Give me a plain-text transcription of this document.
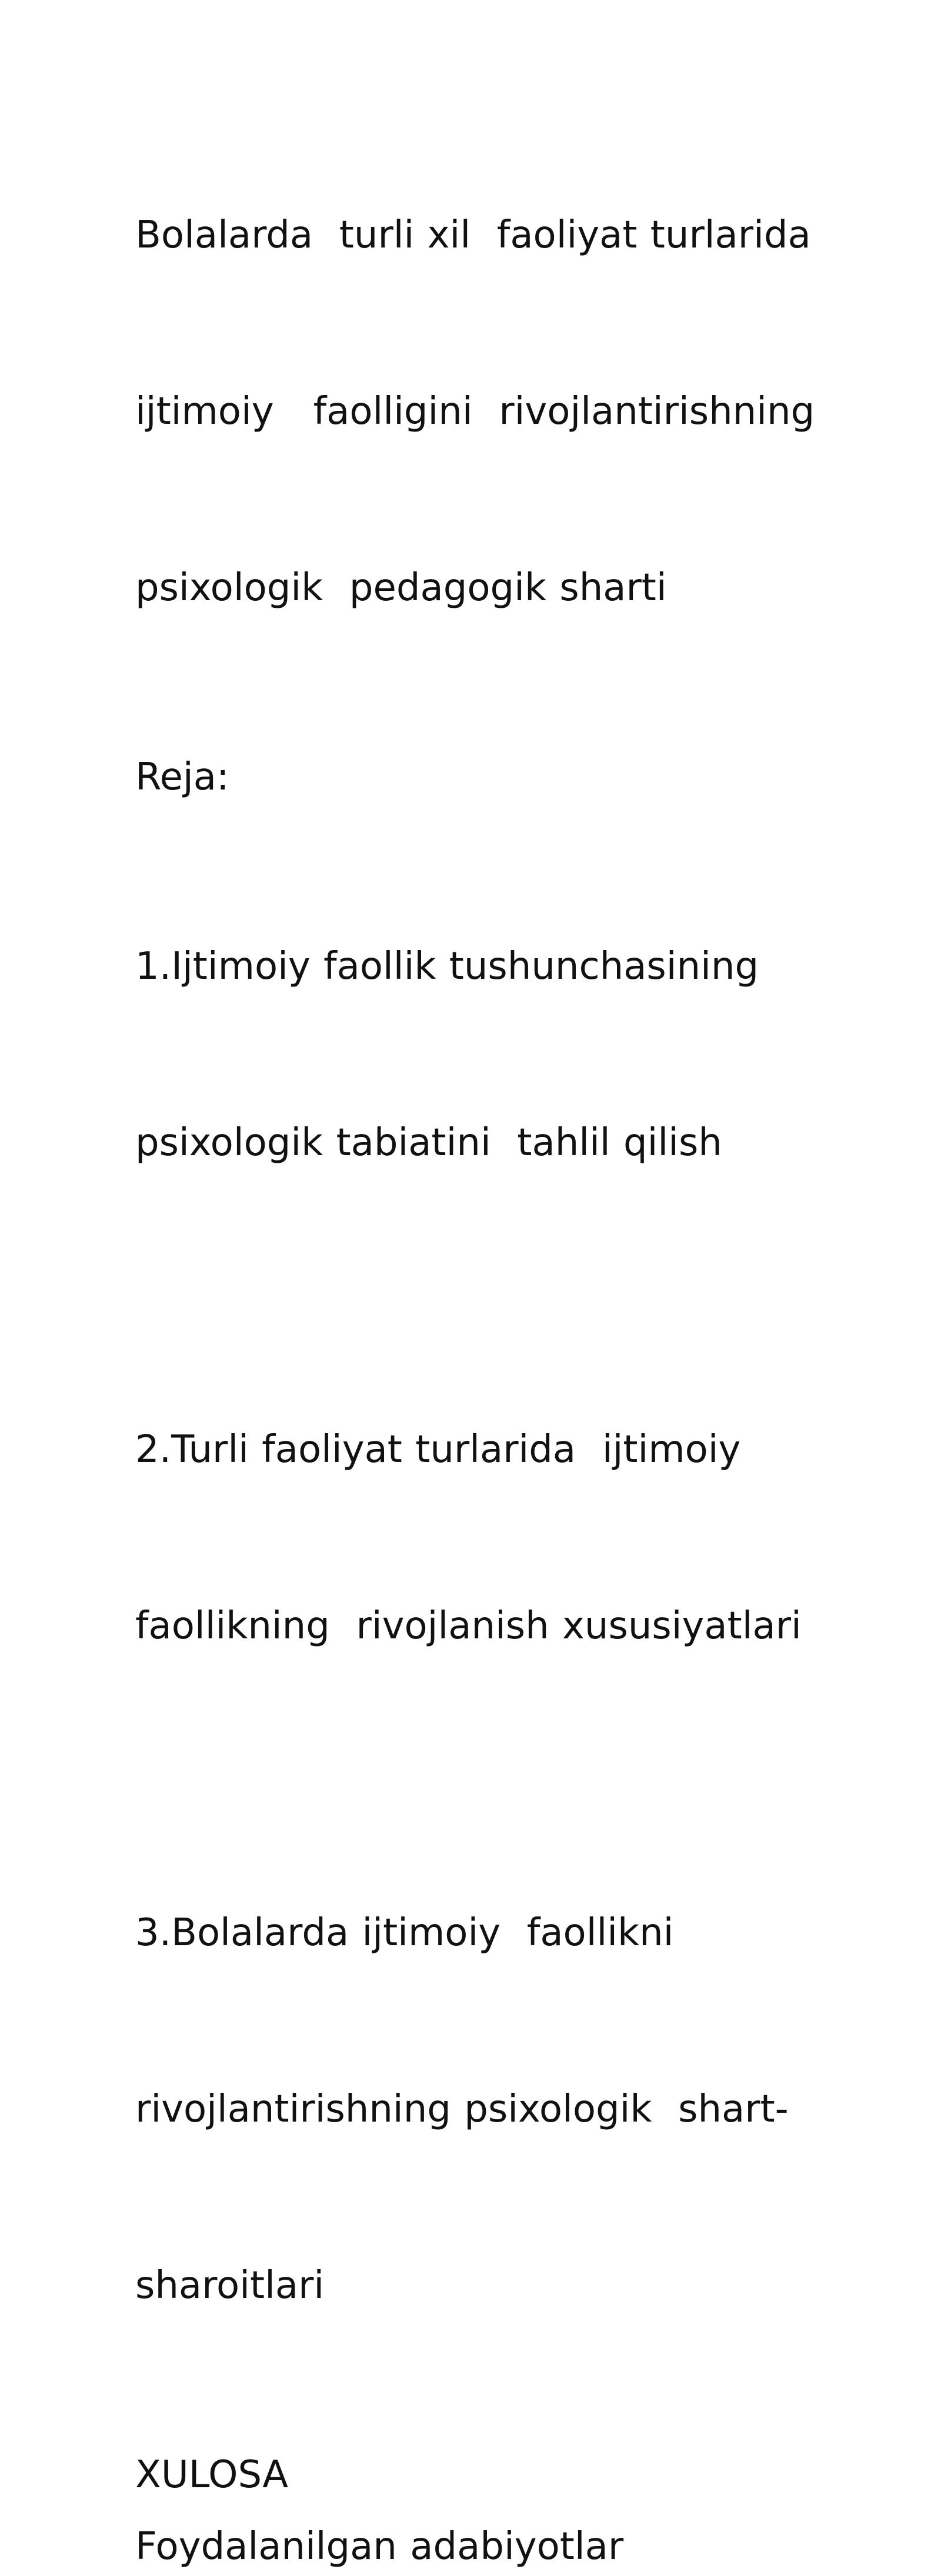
Bolalarda  turli xil  faoliyat turlarida

ijtimoiy   faolligini  rivojlantirishning

psixologik  pedagogik sharti

Reja:

1.Ijtimoiy faollik tushunchasining

psixologik tabiatini  tahlil qilish

2.Turli faoliyat turlarida  ijtimoiy

faollikning  rivojlanish xususiyatlari

3.Bolalarda ijtimoiy  faollikni

rivojlantirishning psixologik  shart-

sharoitlari

XULOSA

Foydalanilgan adabiyotlar
